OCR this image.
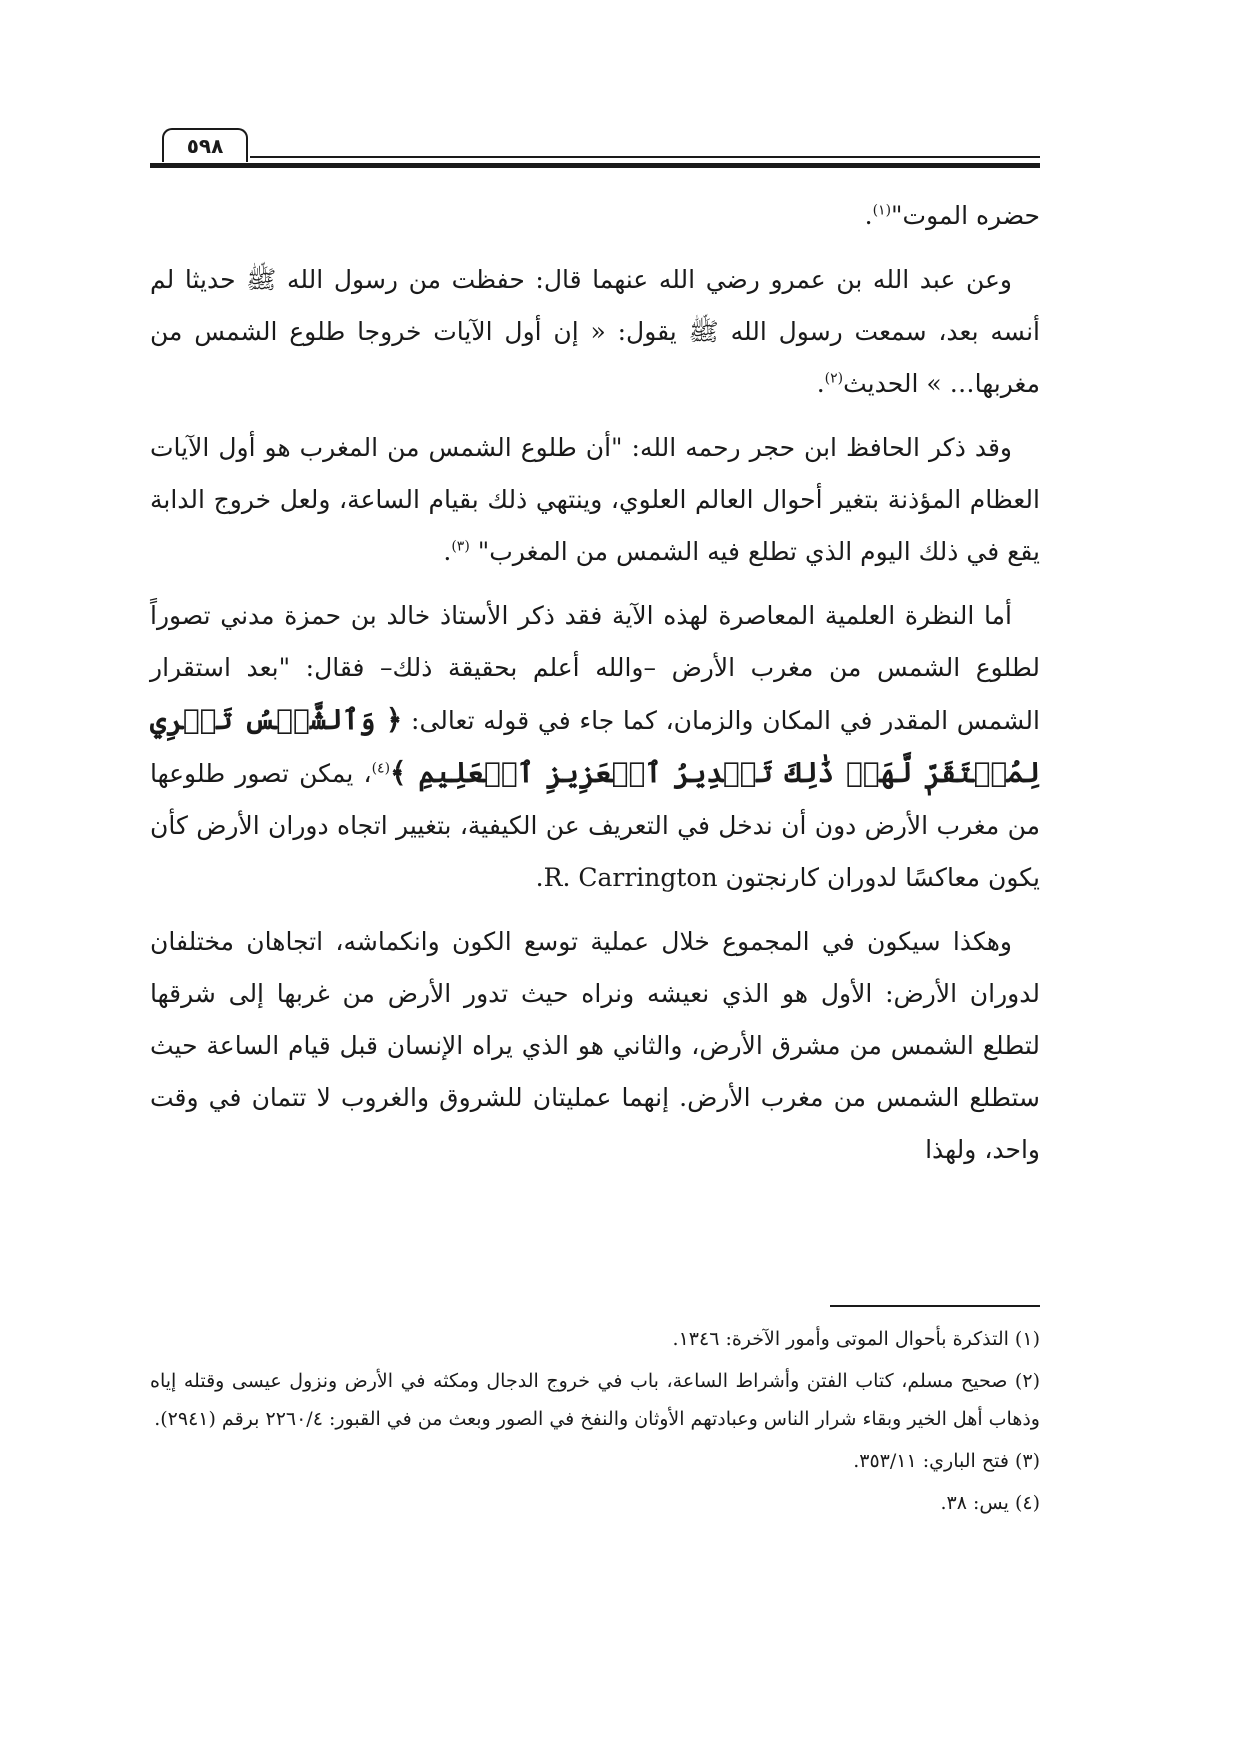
٥٩٨

حضره الموت"$^{(١)}$.

وعن عبد الله بن عمرو رضي الله عنهما قال: حفظت من رسول الله ﷺ حديثا لم أنسه بعد، سمعت رسول الله ﷺ يقول: « إن أول الآيات خروجا طلوع الشمس من مغربها… » الحديث$^{(٢)}$.

وقد ذكر الحافظ ابن حجر رحمه الله: "أن طلوع الشمس من المغرب هو أول الآيات العظام المؤذنة بتغير أحوال العالم العلوي، وينتهي ذلك بقيام الساعة، ولعل خروج الدابة يقع في ذلك اليوم الذي تطلع فيه الشمس من المغرب" $^{(٣)}$.

أما النظرة العلمية المعاصرة لهذه الآية فقد ذكر الأستاذ خالد بن حمزة مدني تصوراً لطلوع الشمس من مغرب الأرض –والله أعلم بحقيقة ذلك– فقال: "بعد استقرار الشمس المقدر في المكان والزمان، كما جاء في قوله تعالى: ﴿ وَٱلشَّمۡسُ تَجۡرِي لِمُسۡتَقَرّٖ لَّهَاۚ ذَٰلِكَ تَقۡدِيرُ ٱلۡعَزِيزِ ٱلۡعَلِيمِ ﴾$^{(٤)}$، يمكن تصور طلوعها من مغرب الأرض دون أن ندخل في التعريف عن الكيفية، بتغيير اتجاه دوران الأرض كأن يكون معاكسًا لدوران كارنجتون R. Carrington.

وهكذا سيكون في المجموع خلال عملية توسع الكون وانكماشه، اتجاهان مختلفان لدوران الأرض: الأول هو الذي نعيشه ونراه حيث تدور الأرض من غربها إلى شرقها لتطلع الشمس من مشرق الأرض، والثاني هو الذي يراه الإنسان قبل قيام الساعة حيث ستطلع الشمس من مغرب الأرض. إنهما عمليتان للشروق والغروب لا تتمان في وقت واحد، ولهذا

(١) التذكرة بأحوال الموتى وأمور الآخرة: ١٣٤٦.

(٢) صحيح مسلم، كتاب الفتن وأشراط الساعة، باب في خروج الدجال ومكثه في الأرض ونزول عيسى وقتله إياه وذهاب أهل الخير وبقاء شرار الناس وعبادتهم الأوثان والنفخ في الصور وبعث من في القبور: ٢٢٦٠/٤ برقم (٢٩٤١).

(٣) فتح الباري: ٣٥٣/١١.

(٤) يس: ٣٨.
